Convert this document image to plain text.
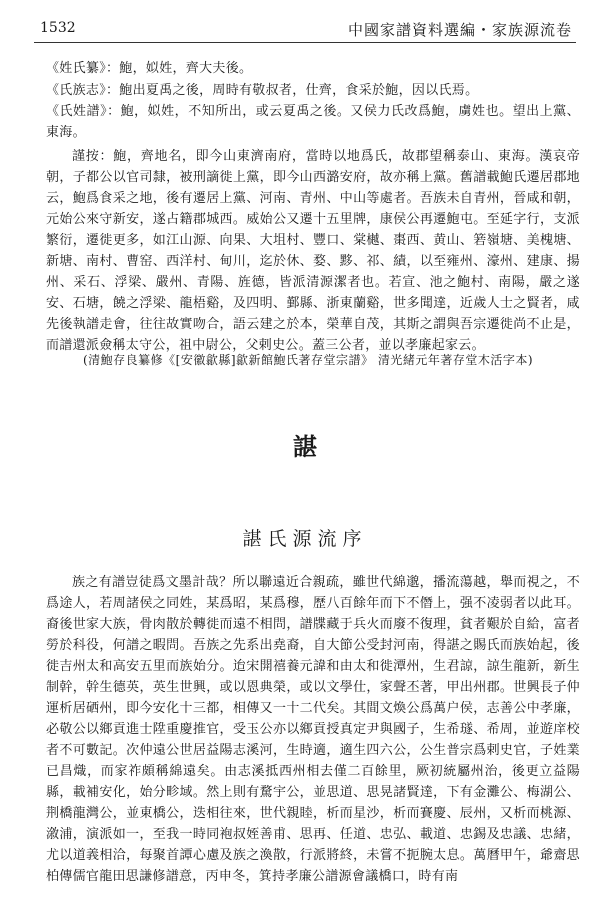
1532	中國家譜資料選編・家族源流卷

《姓氏纂》：鮑，姒姓，齊大夫後。

《氏族志》：鮑出夏禹之後，周時有敬叔者，仕齊，食采於鮑，因以氏焉。

《氏姓譜》：鮑，姒姓，不知所出，或云夏禹之後。又侯力氏改爲鮑，虜姓也。望出上黨、東海。

謹按：鮑，齊地名，即今山東濟南府，當時以地爲氏，故郡望稱泰山、東海。漢哀帝朝，子都公以官司隸，被刑謫徙上黨，即今山西潞安府，故亦稱上黨。舊譜載鮑氏遷居郡地云，鮑爲食采之地，後有遷居上黨、河南、青州、中山等處者。吾族未自青州，晉咸和朝，元始公來守新安，遂占籍郡城西。威始公又遷十五里牌，康侯公再遷鮑屯。至延字行，支派繁衍，遷徙更多，如江山源、向果、大坥村、豐口、棠樾、棗西、黄山、箬嶺塘、美槐塘、新塘、南村、曹窑、西洋村、甸川，迄於休、婺、黟、祁、績，以至雍州、濠州、建康、揚州、采石、浮梁、嚴州、青陽、旌德，皆派清源潔者也。若宣、池之鮑村、南陽，嚴之遂安、石塘，饒之浮梁、龍梧谿，及四明、鄞縣、浙東蘭谿，世多聞達，近歲人士之賢者，咸先後執譜走會，往往故實吻合，語云建之於本，榮華自茂，其斯之謂與吾宗遷徙尚不止是，而譜還派僉稱太守公，祖中尉公，父剌史公。蓋三公者，並以孝廉起家云。

(清鮑存良纂修《[安徽歙縣]歙新館鮑氏著存堂宗譜》 清光緒元年著存堂木活字本)

諶
諶氏源流序

族之有譜豈徒爲文墨計哉？所以聯遠近合親疏，雖世代綿邈，播流蕩越，舉而視之，不爲途人，若周諸侯之同姓，某爲昭，某爲穆，歷八百餘年而下不僭上，强不凌弱者以此耳。裔後世家大族，骨肉散於轉徙而遠不相問，譜牒藏于兵火而廢不復理，貧者艱於自給，富者勞於科役，何譜之暇問。吾族之先系出堯裔，自大節公受封河南，得諶之賜氏而族始起，後徙吉州太和高安五里而族始分。迨宋開禧養元諱和由太和徙潭州，生君諒，諒生龍新，新生制幹，幹生德英，英生世興，或以恩典榮，或以文學仕，家聲丕著，甲出州郡。世興長子仲運析居硒州，即今安化十三都，相傳又一十二代矣。其間文煥公爲萬户侯，志善公中孝廉，必敬公以鄉貢進士陞重慶推官，受玉公亦以鄉貢授真定尹與國子，生希璲、希周，並遊庠校者不可數記。次仲遠公世居益陽志溪河，生時適，適生四六公，公生普宗爲剌史官，子姓業已昌熾，而家祚頗稱綿遠矣。由志溪抵西州相去僅二百餘里，厥初統屬州治，後更立益陽縣，載補安化，始分畛域。然上則有騖宇公，並思道、思晃諸賢達，下有金灘公、梅湖公、荆橋龍灣公，並東橋公，迭相往來，世代親睦，析而星沙，析而賽慶、辰州，又析而桃源、漵浦，演派如一，至我一時同袍叔姪善甫、思再、任道、忠弘、載道、忠錫及忠議、忠緒，尤以道義相洽，每聚首譚心慮及族之渙散，行派將終，未嘗不扼腕太息。萬曆甲午，爺齋思柏傳儒官龍田思謙修譜意，丙申冬，箕持孝廉公譜源會議橋口，時有南
